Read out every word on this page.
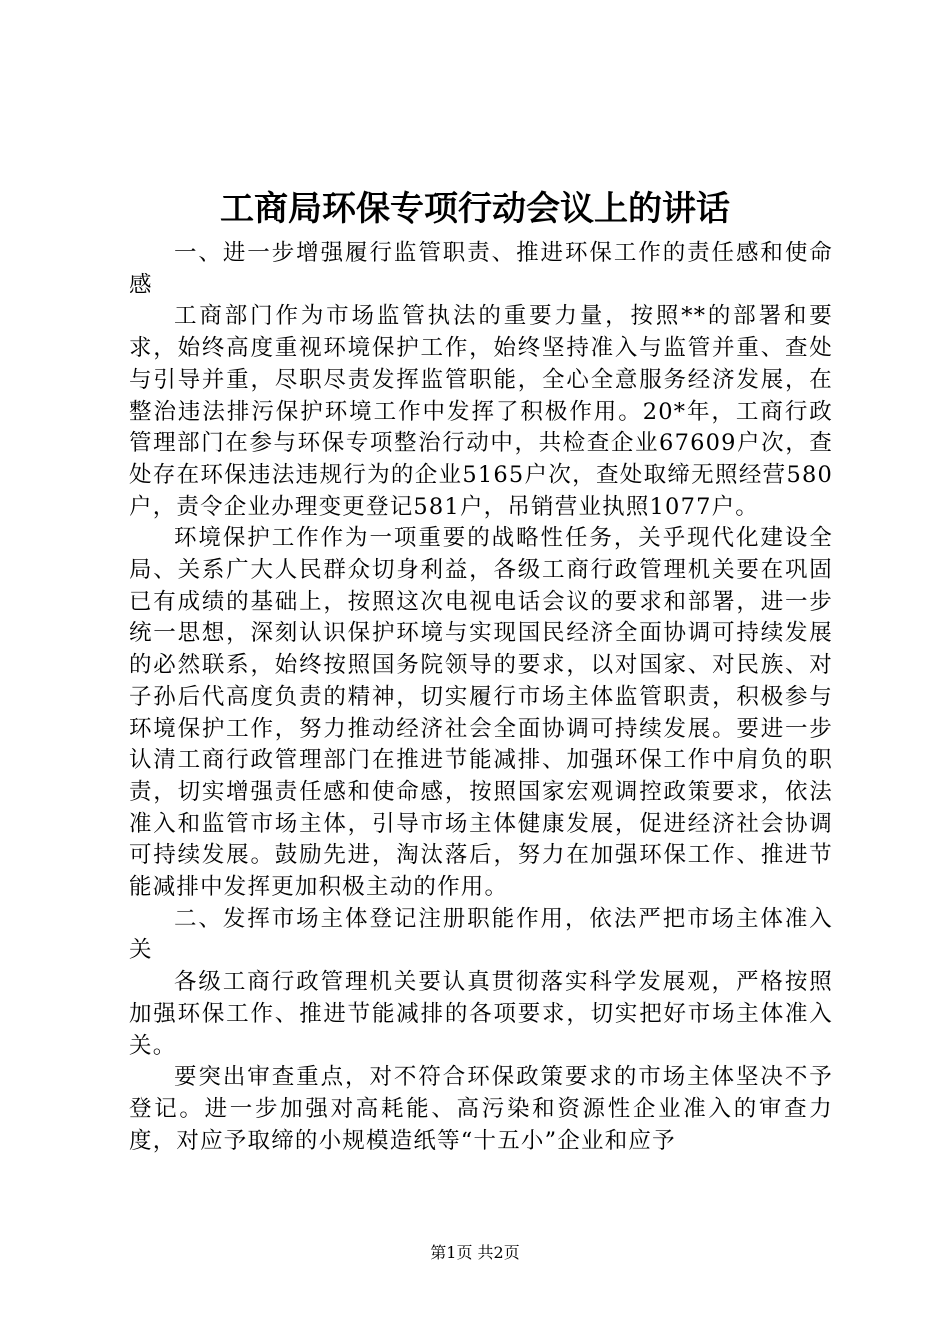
工商局环保专项行动会议上的讲话

一、进一步增强履行监管职责、推进环保工作的责任感和使命感

工商部门作为市场监管执法的重要力量，按照**的部署和要求，始终高度重视环境保护工作，始终坚持准入与监管并重、查处与引导并重，尽职尽责发挥监管职能，全心全意服务经济发展，在整治违法排污保护环境工作中发挥了积极作用。20*年，工商行政管理部门在参与环保专项整治行动中，共检查企业67609户次，查处存在环保违法违规行为的企业5165户次，查处取缔无照经营580户，责令企业办理变更登记581户，吊销营业执照1077户。

环境保护工作作为一项重要的战略性任务，关乎现代化建设全局、关系广大人民群众切身利益，各级工商行政管理机关要在巩固已有成绩的基础上，按照这次电视电话会议的要求和部署，进一步统一思想，深刻认识保护环境与实现国民经济全面协调可持续发展的必然联系，始终按照国务院领导的要求，以对国家、对民族、对子孙后代高度负责的精神，切实履行市场主体监管职责，积极参与环境保护工作，努力推动经济社会全面协调可持续发展。要进一步认清工商行政管理部门在推进节能减排、加强环保工作中肩负的职责，切实增强责任感和使命感，按照国家宏观调控政策要求，依法准入和监管市场主体，引导市场主体健康发展，促进经济社会协调可持续发展。鼓励先进，淘汰落后，努力在加强环保工作、推进节能减排中发挥更加积极主动的作用。

二、发挥市场主体登记注册职能作用，依法严把市场主体准入关

各级工商行政管理机关要认真贯彻落实科学发展观，严格按照加强环保工作、推进节能减排的各项要求，切实把好市场主体准入关。

要突出审查重点，对不符合环保政策要求的市场主体坚决不予登记。进一步加强对高耗能、高污染和资源性企业准入的审查力度，对应予取缔的小规模造纸等“十五小”企业和应予

第1页 共2页
